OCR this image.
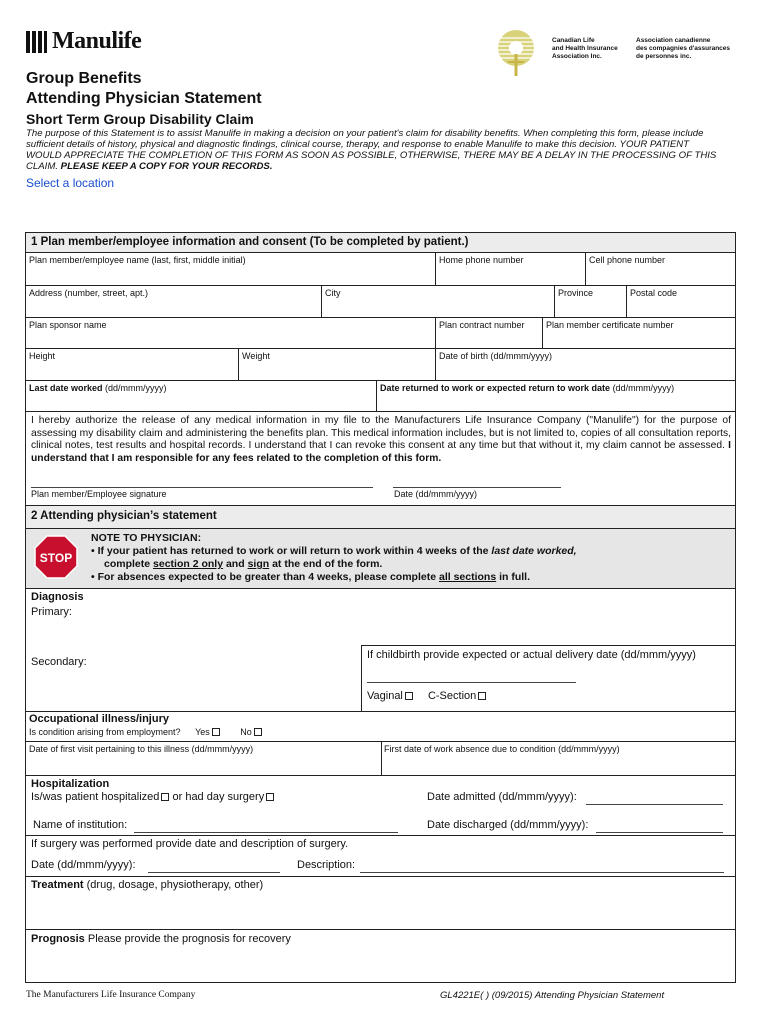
Manulife	Canadian Life
and Health Insurance
Association Inc.
Association canadienne
des compagnies d'assurances
de personnes inc.
Group Benefits
Attending Physician Statement
Short Term Group Disability Claim
The purpose of this Statement is to assist Manulife in making a decision on your patient's claim for disability benefits. When completing this form, please include sufficient details of history, physical and diagnostic findings, clinical course, therapy, and response to enable Manulife to make this decision. YOUR PATIENT WOULD APPRECIATE THE COMPLETION OF THIS FORM AS SOON AS POSSIBLE, OTHERWISE, THERE MAY BE A DELAY IN THE PROCESSING OF THIS CLAIM. PLEASE KEEP A COPY FOR YOUR RECORDS.
Select a location
1 Plan member/employee information and consent (To be completed by patient.)
Plan member/employee name (last, first, middle initial)	Home phone number	Cell phone number
Address (number, street, apt.)	City	Province	Postal code
Plan sponsor name	Plan contract number	Plan member certificate number
Height	Weight	Date of birth (dd/mmm/yyyy)
Last date worked (dd/mmm/yyyy)	Date returned to work or expected return to work date (dd/mmm/yyyy)
I hereby authorize the release of any medical information in my file to the Manufacturers Life Insurance Company ("Manulife") for the purpose of assessing my disability claim and administering the benefits plan. This medical information includes, but is not limited to, copies of all consultation reports, clinical notes, test results and hospital records. I understand that I can revoke this consent at any time but that without it, my claim cannot be assessed. I understand that I am responsible for any fees related to the completion of this form.
Plan member/Employee signature	Date (dd/mmm/yyyy)
2 Attending physician’s statement
STOP
NOTE TO PHYSICIAN:
• If your patient has returned to work or will return to work within 4 weeks of the last date worked,
complete section 2 only and sign at the end of the form.
• For absences expected to be greater than 4 weeks, please complete all sections in full.
Diagnosis
Primary:
Secondary:
If childbirth provide expected or actual delivery date (dd/mmm/yyyy)
Vaginal C-Section
Occupational illness/injury
Is condition arising from employment? Yes	No
Date of first visit pertaining to this illness (dd/mmm/yyyy)	First date of work absence due to condition (dd/mmm/yyyy)
Hospitalization
Is/was patient hospitalized or had day surgery	Date admitted (dd/mmm/yyyy):
Name of institution:	Date discharged (dd/mmm/yyyy):
If surgery was performed provide date and description of surgery.
Date (dd/mmm/yyyy):	Description:
Treatment (drug, dosage, physiotherapy, other)
Prognosis Please provide the prognosis for recovery
The Manufacturers Life Insurance Company	GL4221E( ) (09/2015) Attending Physician Statement
